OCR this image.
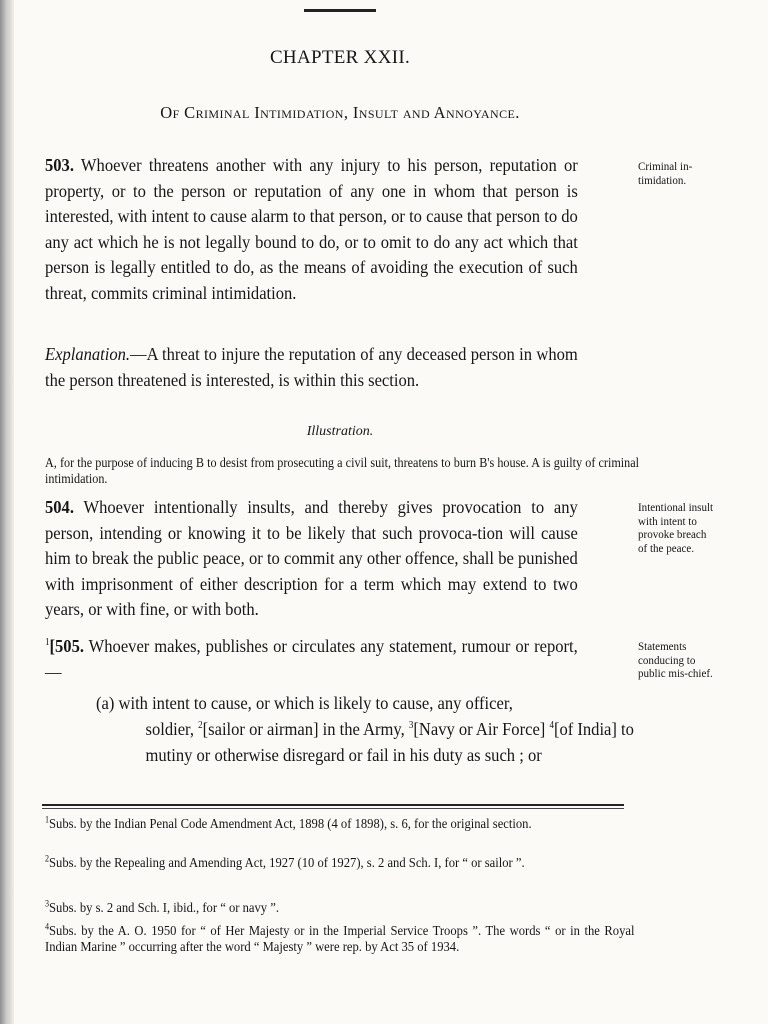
CHAPTER XXII.
Of Criminal Intimidation, Insult and Annoyance.

503. Whoever threatens another with any injury to his person, reputation or property, or to the person or reputation of any one in whom that person is interested, with intent to cause alarm to that person, or to cause that person to do any act which he is not legally bound to do, or to omit to do any act which that person is legally entitled to do, as the means of avoiding the execution of such threat, commits criminal intimidation.

Criminal in-timidation.

Explanation.—A threat to injure the reputation of any deceased person in whom the person threatened is interested, is within this section.

Illustration.

A, for the purpose of inducing B to desist from prosecuting a civil suit, threatens to burn B's house. A is guilty of criminal intimidation.

504. Whoever intentionally insults, and thereby gives provocation to any person, intending or knowing it to be likely that such provoca-tion will cause him to break the public peace, or to commit any other offence, shall be punished with imprisonment of either description for a term which may extend to two years, or with fine, or with both.

Intentional insult with intent to provoke breach of the peace.

$^1$[505. Whoever makes, publishes or circulates any statement, rumour or report,—

Statements conducing to public mis-chief.

(a) with intent to cause, or which is likely to cause, any officer,
soldier, $^2$[sailor or airman] in the Army, $^3$[Navy or Air Force] $^4$[of India] to mutiny or otherwise disregard or fail in his duty as such ; or

$^1$Subs. by the Indian Penal Code Amendment Act, 1898 (4 of 1898), s. 6, for the original section.

$^2$Subs. by the Repealing and Amending Act, 1927 (10 of 1927), s. 2 and Sch. I, for “ or sailor ”.

$^3$Subs. by s. 2 and Sch. I, ibid., for “ or navy ”.

$^4$Subs. by the A. O. 1950 for “ of Her Majesty or in the Imperial Service Troops ”. The words “ or in the Royal Indian Marine ” occurring after the word “ Majesty ” were rep. by Act 35 of 1934.
